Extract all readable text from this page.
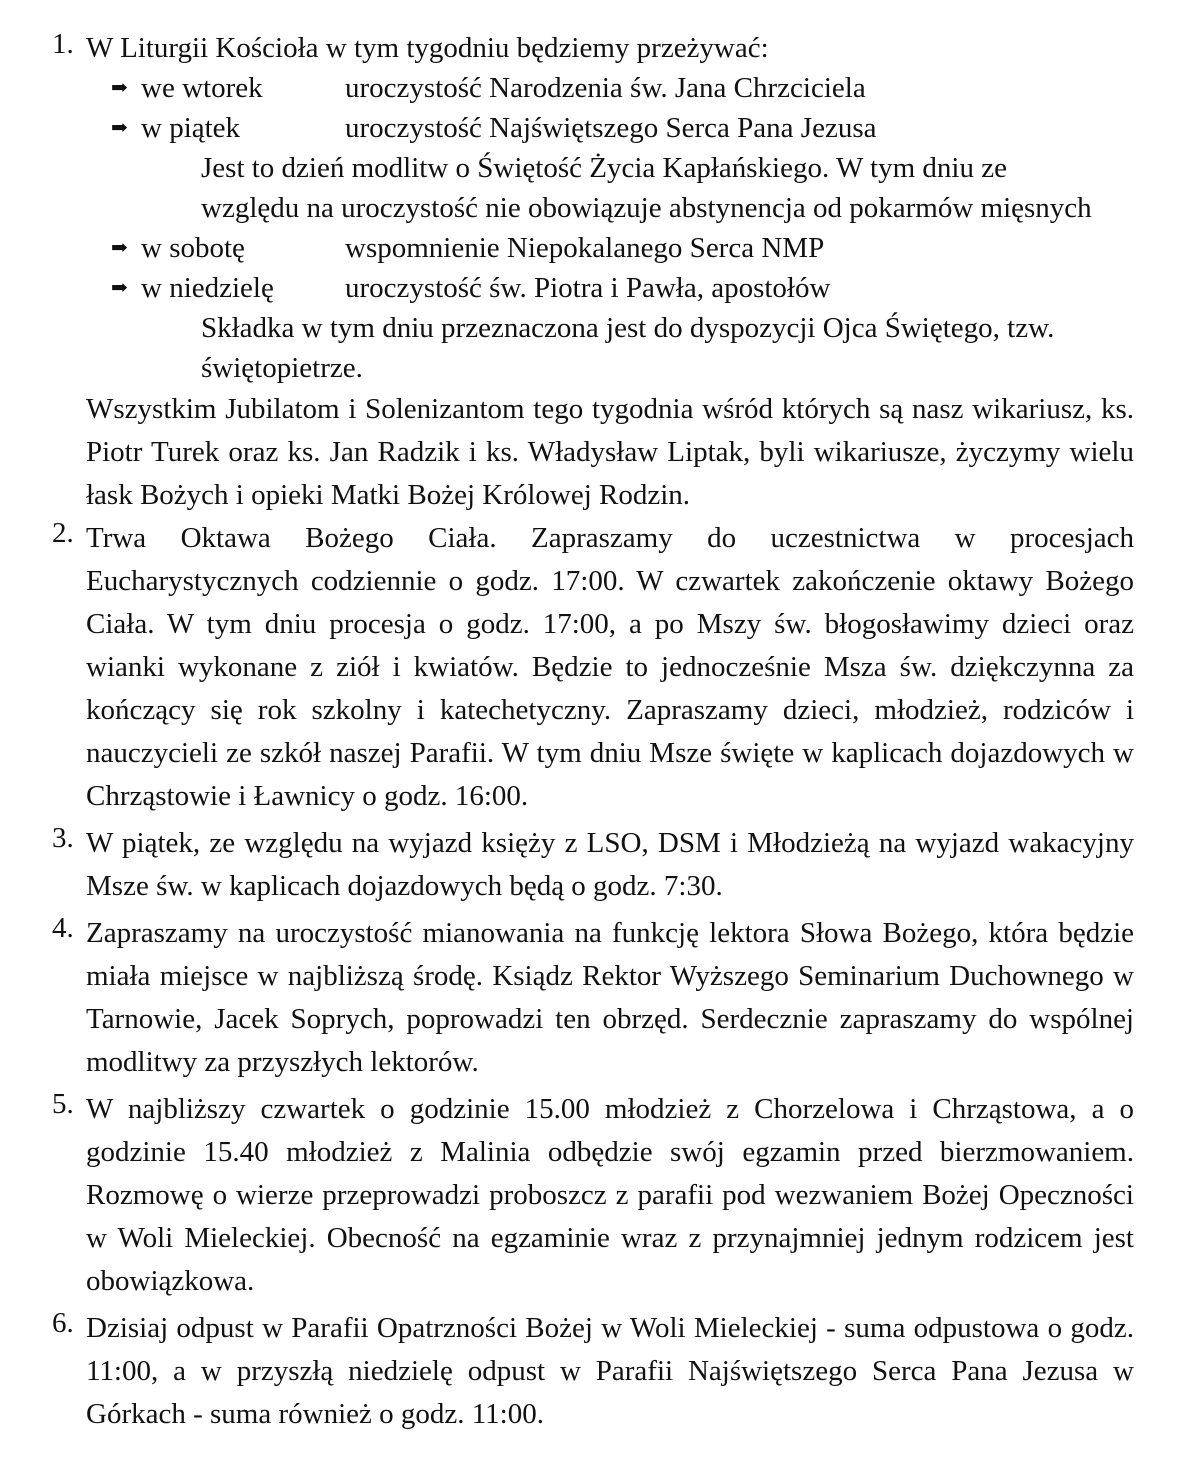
1. W Liturgii Kościoła w tym tygodniu będziemy przeżywać:

➡ we wtorek	uroczystość Narodzenia św. Jana Chrzciciela
➡ w piątek	uroczystość Najświętszego Serca Pana Jezusa
Jest to dzień modlitw o Świętość Życia Kapłańskiego. W tym dniu ze względu na uroczystość nie obowiązuje abstynencja od pokarmów mięsnych
➡ w sobotę	wspomnienie Niepokalanego Serca NMP
➡ w niedzielę uroczystość św. Piotra i Pawła, apostołów
Składka w tym dniu przeznaczona jest do dyspozycji Ojca Świętego, tzw. świętopietrze.

Wszystkim Jubilatom i Solenizantom tego tygodnia wśród których są nasz wikariusz, ks. Piotr Turek oraz ks. Jan Radzik i ks. Władysław Liptak, byli wikariusze, życzymy wielu łask Bożych i opieki Matki Bożej Królowej Rodzin.

2. Trwa Oktawa Bożego Ciała. Zapraszamy do uczestnictwa w procesjach Eucharystycznych codziennie o godz. 17:00. W czwartek zakończenie oktawy Bożego Ciała. W tym dniu procesja o godz. 17:00, a po Mszy św. błogosławimy dzieci oraz wianki wykonane z ziół i kwiatów. Będzie to jednocześnie Msza św. dziękczynna za kończący się rok szkolny i katechetyczny. Zapraszamy dzieci, młodzież, rodziców i nauczycieli ze szkół naszej Parafii. W tym dniu Msze święte w kaplicach dojazdowych w Chrząstowie i Ławnicy o godz. 16:00.

3. W piątek, ze względu na wyjazd księży z LSO, DSM i Młodzieżą na wyjazd wakacyjny Msze św. w kaplicach dojazdowych będą o godz. 7:30.

4. Zapraszamy na uroczystość mianowania na funkcję lektora Słowa Bożego, która będzie miała miejsce w najbliższą środę. Ksiądz Rektor Wyższego Seminarium Duchownego w Tarnowie, Jacek Soprych, poprowadzi ten obrzęd. Serdecznie zapraszamy do wspólnej modlitwy za przyszłych lektorów.

5. W najbliższy czwartek o godzinie 15.00 młodzież z Chorzelowa i Chrząstowa, a o godzinie 15.40 młodzież z Malinia odbędzie swój egzamin przed bierzmowaniem. Rozmowę o wierze przeprowadzi proboszcz z parafii pod wezwaniem Bożej Opeczności w Woli Mieleckiej. Obecność na egzaminie wraz z przynajmniej jednym rodzicem jest obowiązkowa.

6. Dzisiaj odpust w Parafii Opatrzności Bożej w Woli Mieleckiej - suma odpustowa o godz. 11:00, a w przyszłą niedzielę odpust w Parafii Najświętszego Serca Pana Jezusa w Górkach - suma również o godz. 11:00.
